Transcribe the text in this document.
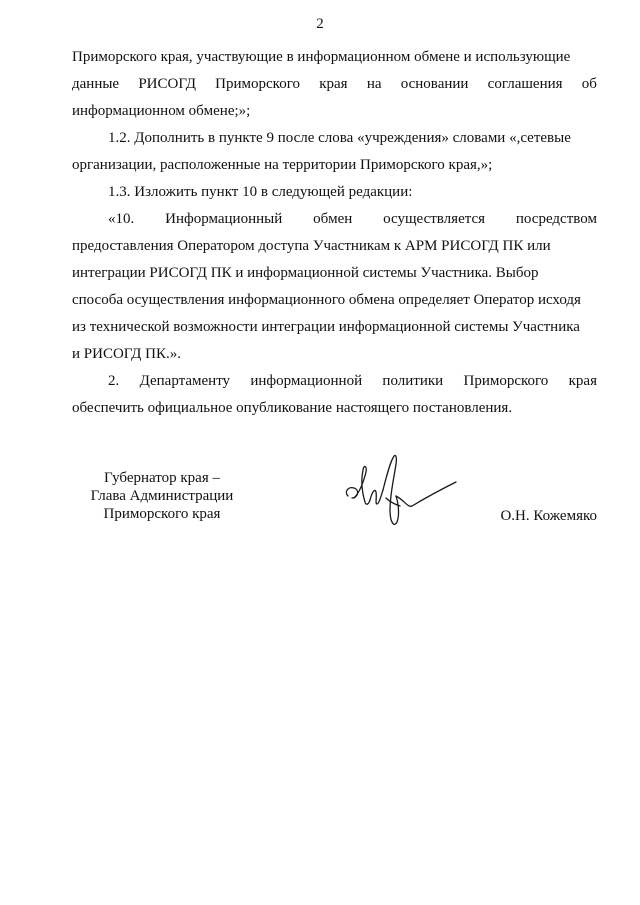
2
Приморского края, участвующие в информационном обмене и использующие
данные РИСОГД Приморского края на основании соглашения об
информационном обмене;»;
1.2. Дополнить в пункте 9 после слова «учреждения» словами «,сетевые
организации, расположенные на территории Приморского края,»;
1.3. Изложить пункт 10 в следующей редакции:
«10. Информационный обмен осуществляется посредством
предоставления Оператором доступа Участникам к АРМ РИСОГД ПК или
интеграции РИСОГД ПК и информационной системы Участника. Выбор
способа осуществления информационного обмена определяет Оператор исходя
из технической возможности интеграции информационной системы Участника
и РИСОГД ПК.».
2. Департаменту информационной политики Приморского края
обеспечить официальное опубликование настоящего постановления.
Губернатор края –
Глава Администрации
Приморского края	О.Н. Кожемяко
